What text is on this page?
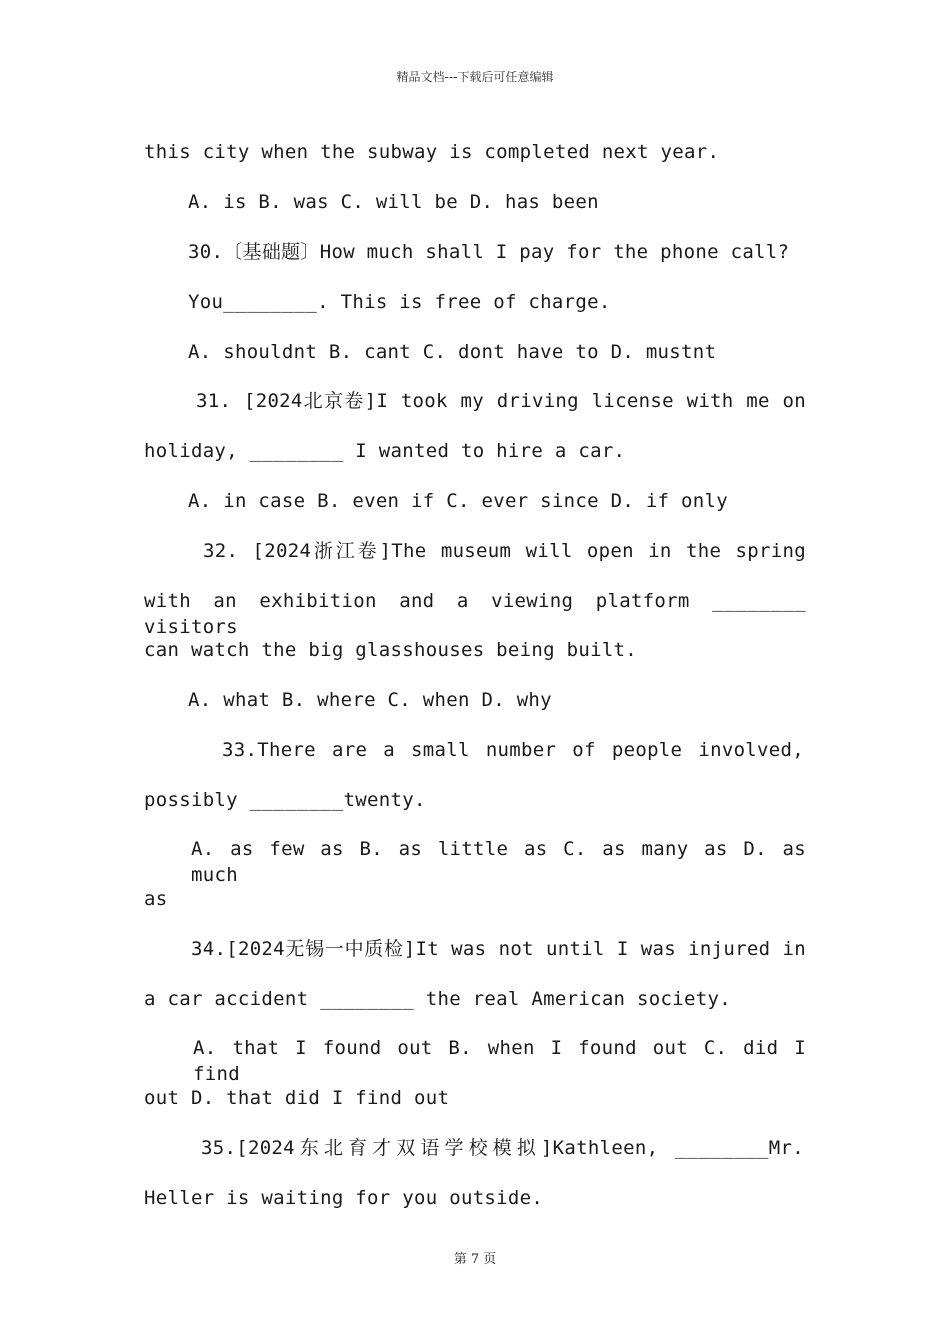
精品文档---下载后可任意编辑
this city when the subway is completed next year.
A. is B. was C. will be D. has been
30.〔基础题〕How much shall I pay for the phone call?
You________. This is free of charge.
A. shouldnt B. cant C. dont have to D. mustnt
31. [2024北京卷]I took my driving license with me on
holiday, ________ I wanted to hire a car.
A. in case B. even if C. ever since D. if only
32. [2024浙江卷]The museum will open in the spring
with an exhibition and a viewing platform ________ visitors
can watch the big glasshouses being built.
A. what B. where C. when D. why
33.There are a small number of people involved,
possibly ________twenty.
A. as few as B. as little as C. as many as D. as much
as
34.[2024无锡一中质检]It was not until I was injured in
a car accident ________ the real American society.
A. that I found out B. when I found out C. did I find
out D. that did I find out
35.[2024东北育才双语学校模拟]Kathleen, ________Mr.
Heller is waiting for you outside.
第 7 页
